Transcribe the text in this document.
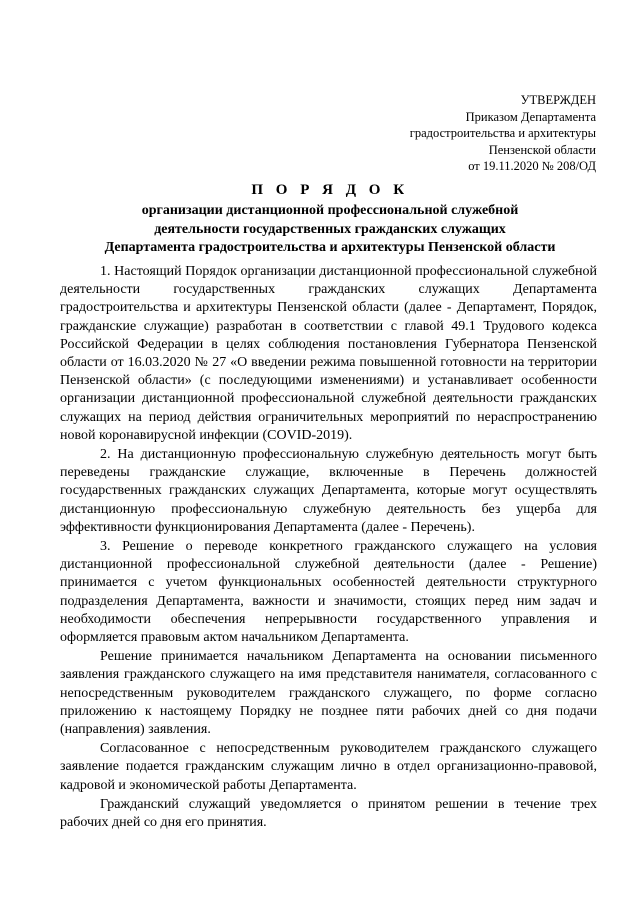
УТВЕРЖДЕН
Приказом Департамента
градостроительства и архитектуры
Пензенской области
от 19.11.2020 № 208/ОД
П О Р Я Д О К
организации дистанционной профессиональной служебной
деятельности государственных гражданских служащих
Департамента градостроительства и архитектуры Пензенской области

1. Настоящий Порядок организации дистанционной профессиональной служебной деятельности государственных гражданских служащих Департамента градостроительства и архитектуры Пензенской области (далее - Департамент, Порядок, гражданские служащие) разработан в соответствии с главой 49.1 Трудового кодекса Российской Федерации в целях соблюдения постановления Губернатора Пензенской области от 16.03.2020 № 27 «О введении режима повышенной готовности на территории Пензенской области» (с последующими изменениями) и устанавливает особенности организации дистанционной профессиональной служебной деятельности гражданских служащих на период действия ограничительных мероприятий по нераспространению новой коронавирусной инфекции (COVID-2019).

2. На дистанционную профессиональную служебную деятельность могут быть переведены гражданские служащие, включенные в Перечень должностей государственных гражданских служащих Департамента, которые могут осуществлять дистанционную профессиональную служебную деятельность без ущерба для эффективности функционирования Департамента (далее - Перечень).

3. Решение о переводе конкретного гражданского служащего на условия дистанционной профессиональной служебной деятельности (далее - Решение) принимается с учетом функциональных особенностей деятельности структурного подразделения Департамента, важности и значимости, стоящих перед ним задач и необходимости обеспечения непрерывности государственного управления и оформляется правовым актом начальником Департамента.

Решение принимается начальником Департамента на основании письменного заявления гражданского служащего на имя представителя нанимателя, согласованного с непосредственным руководителем гражданского служащего, по форме согласно приложению к настоящему Порядку не позднее пяти рабочих дней со дня подачи (направления) заявления.

Согласованное с непосредственным руководителем гражданского служащего заявление подается гражданским служащим лично в отдел организационно-правовой, кадровой и экономической работы Департамента.

Гражданский служащий уведомляется о принятом решении в течение трех рабочих дней со дня его принятия.
